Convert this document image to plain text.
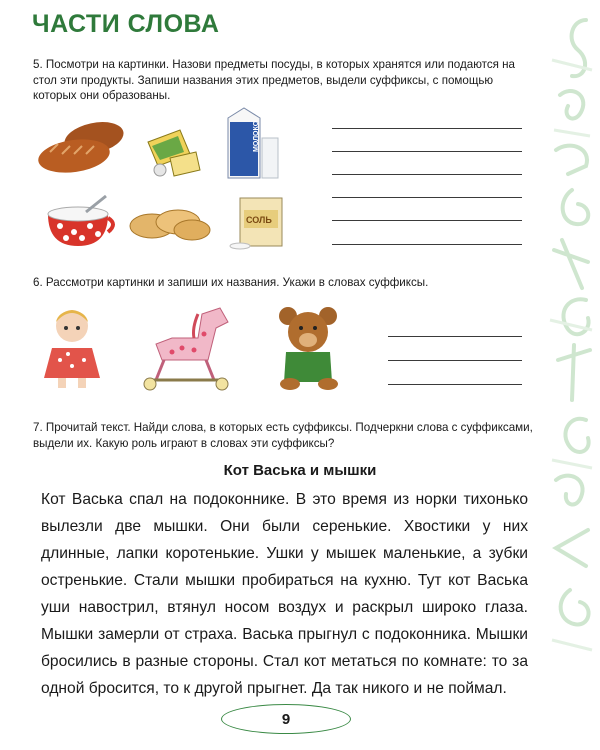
ЧАСТИ СЛОВА
5. Посмотри на картинки. Назови предметы посуды, в которых хранятся или подаются на стол эти продукты. Запиши названия этих предметов, выдели суффиксы, с помощью которых они образованы.
МОЛОКО
СОЛЬ
6. Рассмотри картинки и запиши их названия. Укажи в словах суффиксы.
7. Прочитай текст. Найди слова, в которых есть суффиксы. Подчеркни слова с суффиксами, выдели их. Какую роль играют в словах эти суффиксы?
Кот Васька и мышки

Кот Васька спал на подоконнике. В это время из норки тихонько вылезли две мышки. Они были серенькие. Хвостики у них длинные, лапки коротенькие. Ушки у мышек маленькие, а зубки остренькие. Стали мышки пробираться на кухню. Тут кот Васька уши навострил, втянул носом воздух и раскрыл широко глаза. Мышки замерли от страха. Васька прыгнул с подоконника. Мышки бросились в разные стороны. Стал кот метаться по комнате: то за одной бросится, то к другой прыгнет. Да так никого и не поймал.

9
